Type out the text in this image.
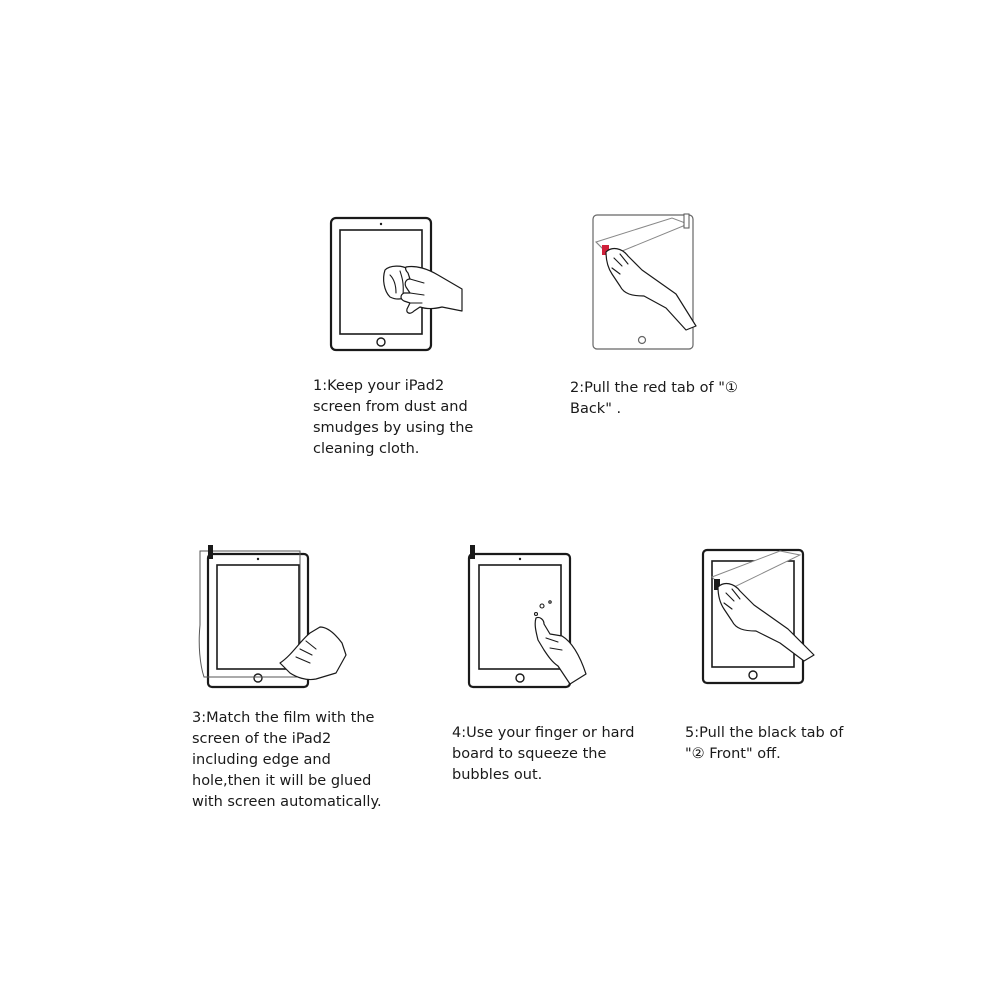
1:Keep your iPad2
screen from dust and
smudges by using the
cleaning cloth.

2:Pull the red tab of "①
Back" .

3:Match the film with the
screen of the iPad2
including edge and
hole,then it will be glued
with screen automatically.

4:Use your finger or hard
board to squeeze the
bubbles out.

5:Pull the black tab of
"② Front" off.
